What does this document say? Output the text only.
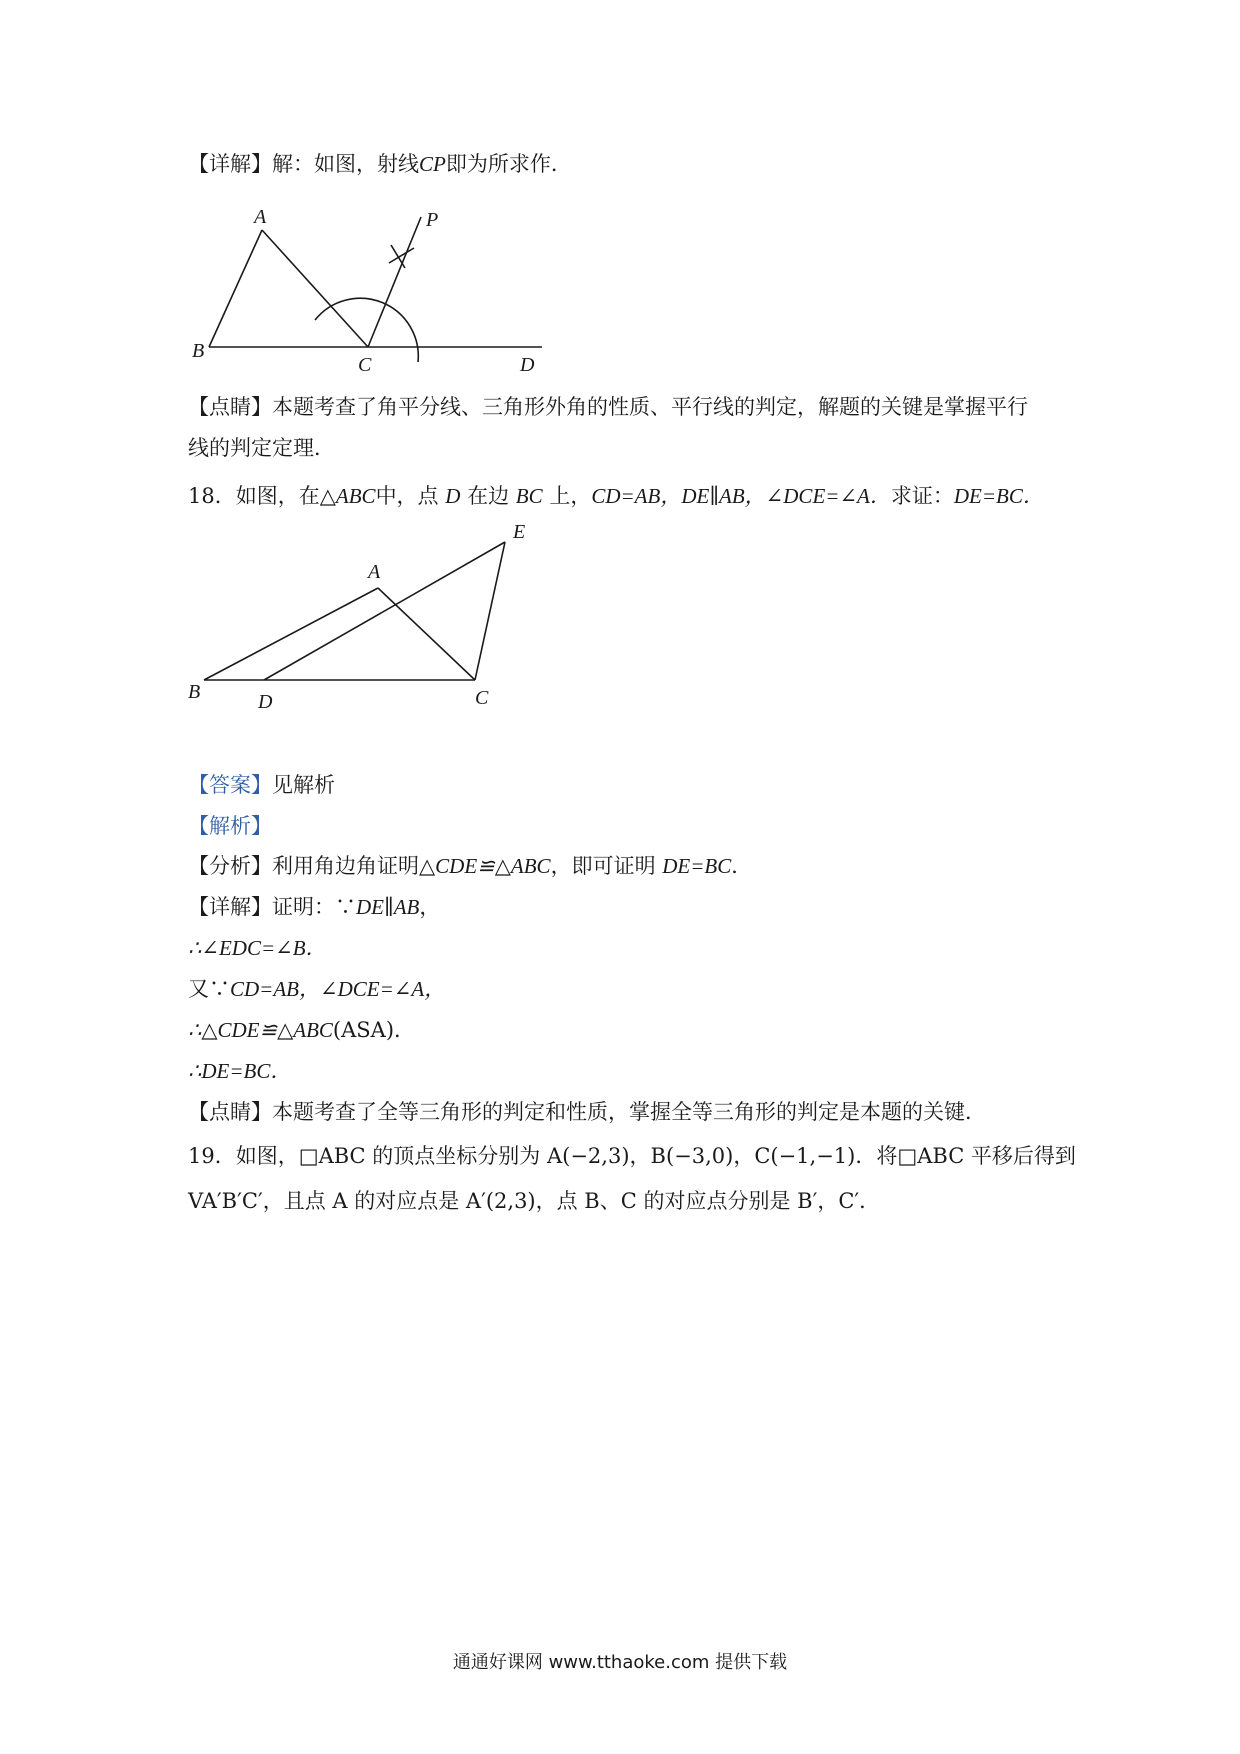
【详解】解：如图，射线CP即为所求作．
A
B
C	D
P
【点睛】本题考查了角平分线、三角形外角的性质、平行线的判定，解题的关键是掌握平行
线的判定定理．
18．如图，在△ABC中，点 D 在边 BC 上，CD=AB，DE∥AB，∠DCE=∠A．求证：DE=BC．
A
B	C
D
E
【答案】见解析
【解析】
【分析】利用角边角证明△CDE≌△ABC，即可证明 DE=BC．
【详解】证明：∵DE∥AB，
∴∠EDC=∠B．
又∵CD=AB，∠DCE=∠A，
∴△CDE≌△ABC(ASA)．
∴DE=BC．
【点睛】本题考查了全等三角形的判定和性质，掌握全等三角形的判定是本题的关键．
19．如图，□ABC 的顶点坐标分别为 A(−2,3)，B(−3,0)，C(−1,−1)．将□ABC 平移后得到
VA′B′C′，且点 A 的对应点是 A′(2,3)，点 B、C 的对应点分别是 B′，C′．
通通好课网 www.tthaoke.com 提供下载
